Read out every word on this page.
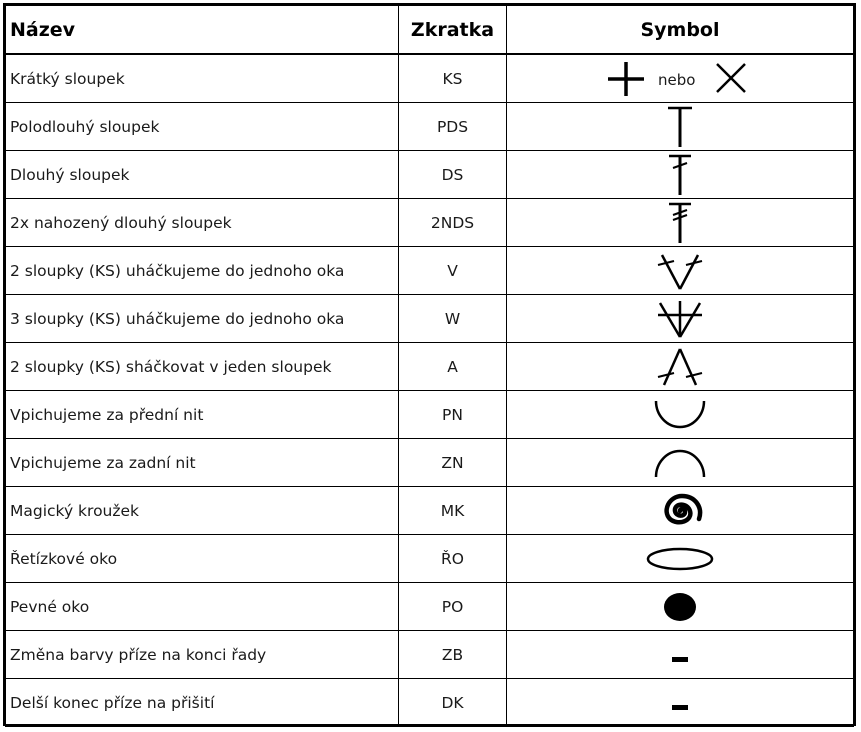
Název	Zkratka	Symbol
Krátký sloupek	KS	nebo

Polodlouhý sloupek	PDS	

Dlouhý sloupek	DS	

2x nahozený dlouhý sloupek	2NDS	

2 sloupky (KS) uháčkujeme do jednoho oka	V	

3 sloupky (KS) uháčkujeme do jednoho oka	W	

2 sloupky (KS) sháčkovat v jeden sloupek	A	

Vpichujeme za přední nit	PN	

Vpichujeme za zadní nit	ZN	

Magický kroužek	MK	

Řetízkové oko	ŘO	

Pevné oko	PO	

Změna barvy příze na konci řady	ZB	

Delší konec příze na přišití	DK	
